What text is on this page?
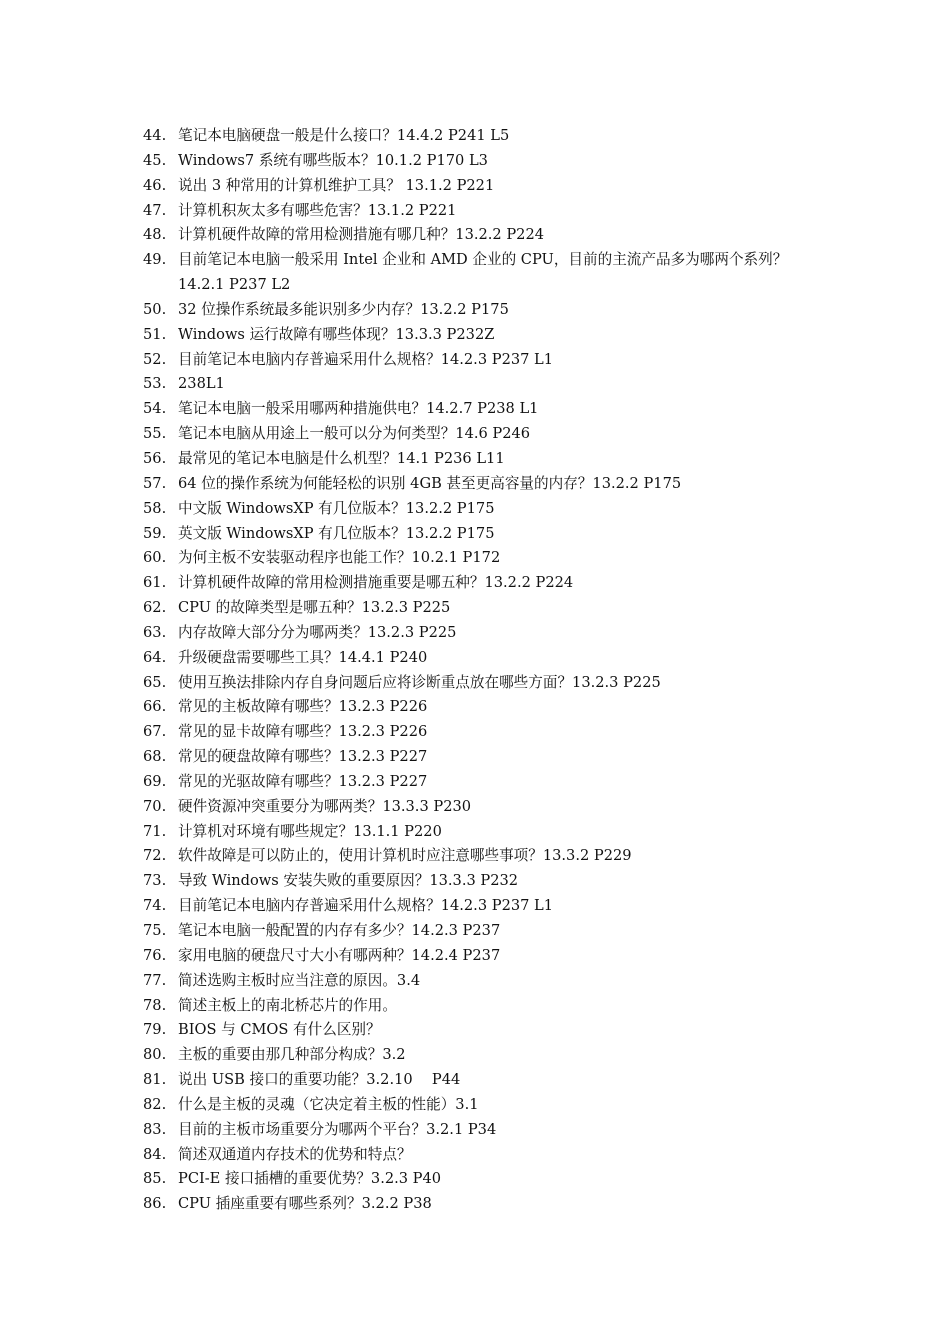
44. 笔记本电脑硬盘一般是什么接口？14.4.2 P241 L5
45. Windows7 系统有哪些版本？10.1.2 P170 L3
46. 说出 3 种常用的计算机维护工具？ 13.1.2 P221
47. 计算机积灰太多有哪些危害？13.1.2 P221
48. 计算机硬件故障的常用检测措施有哪几种？13.2.2 P224
49. 目前笔记本电脑一般采用 Intel 企业和 AMD 企业的 CPU，目前的主流产品多为哪两个系列？14.2.1 P237 L2
50. 32 位操作系统最多能识别多少内存？13.2.2 P175
51. Windows 运行故障有哪些体现？13.3.3 P232Z
52. 目前笔记本电脑内存普遍采用什么规格？14.2.3 P237 L1
53. 238L1
54. 笔记本电脑一般采用哪两种措施供电？14.2.7 P238 L1
55. 笔记本电脑从用途上一般可以分为何类型？14.6 P246
56. 最常见的笔记本电脑是什么机型？14.1 P236 L11
57. 64 位的操作系统为何能轻松的识别 4GB 甚至更高容量的内存？13.2.2 P175
58. 中文版 WindowsXP 有几位版本？13.2.2 P175
59. 英文版 WindowsXP 有几位版本？13.2.2 P175
60. 为何主板不安装驱动程序也能工作？10.2.1 P172
61. 计算机硬件故障的常用检测措施重要是哪五种？13.2.2 P224
62. CPU 的故障类型是哪五种？13.2.3 P225
63. 内存故障大部分分为哪两类？13.2.3 P225
64. 升级硬盘需要哪些工具？14.4.1 P240
65. 使用互换法排除内存自身问题后应将诊断重点放在哪些方面？13.2.3 P225
66. 常见的主板故障有哪些？13.2.3 P226
67. 常见的显卡故障有哪些？13.2.3 P226
68. 常见的硬盘故障有哪些？13.2.3 P227
69. 常见的光驱故障有哪些？13.2.3 P227
70. 硬件资源冲突重要分为哪两类？13.3.3 P230
71. 计算机对环境有哪些规定？13.1.1 P220
72. 软件故障是可以防止的，使用计算机时应注意哪些事项？13.3.2 P229
73. 导致 Windows 安装失败的重要原因？13.3.3 P232
74. 目前笔记本电脑内存普遍采用什么规格？14.2.3 P237 L1
75. 笔记本电脑一般配置的内存有多少？14.2.3 P237
76. 家用电脑的硬盘尺寸大小有哪两种？14.2.4 P237
77. 简述选购主板时应当注意的原因。3.4
78. 简述主板上的南北桥芯片的作用。
79. BIOS 与 CMOS 有什么区别？
80. 主板的重要由那几种部分构成？3.2
81. 说出 USB 接口的重要功能？3.2.10　 P44
82. 什么是主板的灵魂（它决定着主板的性能）3.1
83. 目前的主板市场重要分为哪两个平台？3.2.1 P34
84. 简述双通道内存技术的优势和特点？
85. PCI-E 接口插槽的重要优势？3.2.3 P40
86. CPU 插座重要有哪些系列？3.2.2 P38
